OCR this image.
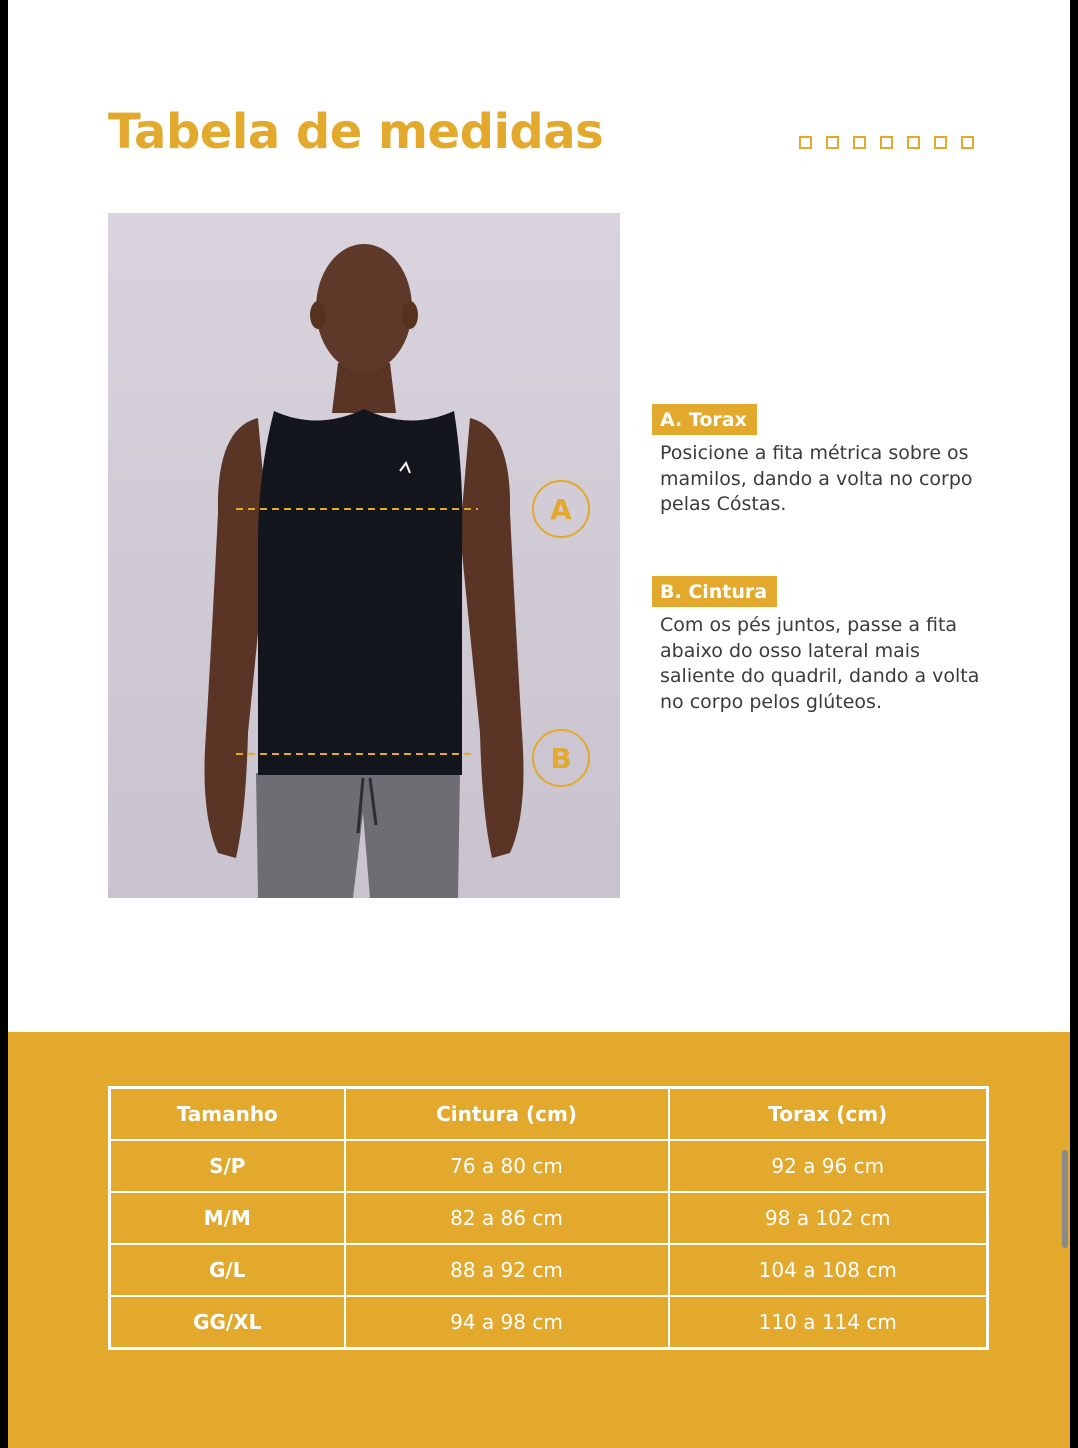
Tabela de medidas
A
B
A. Torax

Posicione a fita métrica sobre os mamilos, dando a volta no corpo pelas Cóstas.

B. Cintura

Com os pés juntos, passe a fita abaixo do osso lateral mais saliente do quadril, dando a volta no corpo pelos glúteos.

Tamanho	Cintura (cm)	Torax (cm)
S/P	76 a 80 cm	92 a 96 cm
M/M	82 a 86 cm	98 a 102 cm
G/L	88 a 92 cm	104 a 108 cm
GG/XL	94 a 98 cm	110 a 114 cm
